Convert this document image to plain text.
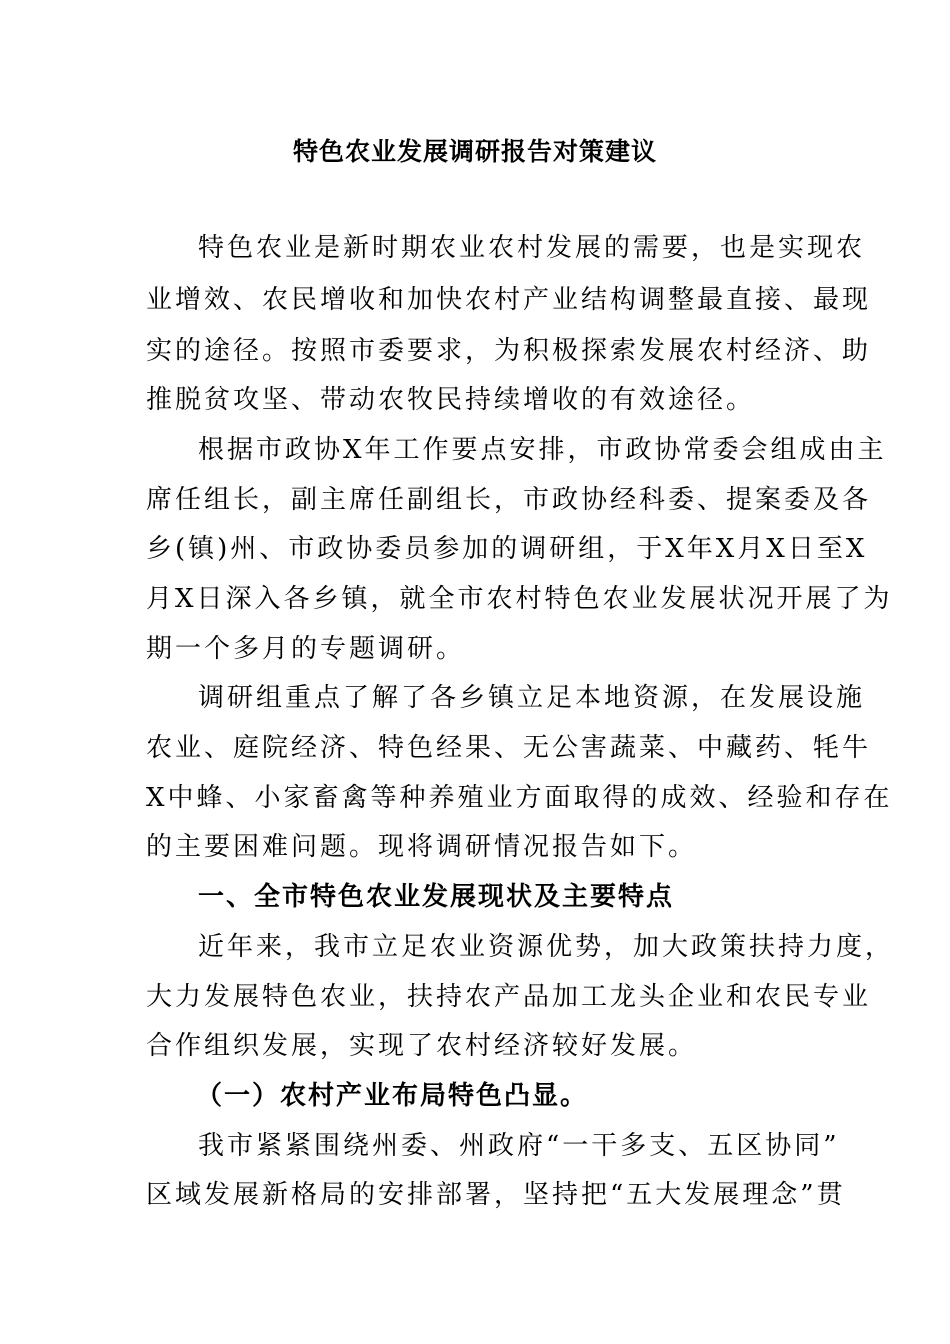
特色农业发展调研报告对策建议
特色农业是新时期农业农村发展的需要，也是实现农
业增效、农民增收和加快农村产业结构调整最直接、最现
实的途径。按照市委要求，为积极探索发展农村经济、助
推脱贫攻坚、带动农牧民持续增收的有效途径。
根据市政协X年工作要点安排，市政协常委会组成由主
席任组长，副主席任副组长，市政协经科委、提案委及各
乡(镇)州、市政协委员参加的调研组，于X年X月X日至X
月X日深入各乡镇，就全市农村特色农业发展状况开展了为
期一个多月的专题调研。
调研组重点了解了各乡镇立足本地资源，在发展设施
农业、庭院经济、特色经果、无公害蔬菜、中藏药、牦牛
X中蜂、小家畜禽等种养殖业方面取得的成效、经验和存在
的主要困难问题。现将调研情况报告如下。
一、全市特色农业发展现状及主要特点
近年来，我市立足农业资源优势，加大政策扶持力度，
大力发展特色农业，扶持农产品加工龙头企业和农民专业
合作组织发展，实现了农村经济较好发展。
（一）农村产业布局特色凸显。
我市紧紧围绕州委、州政府“一干多支、五区协同”
区域发展新格局的安排部署，坚持把“五大发展理念”贯
